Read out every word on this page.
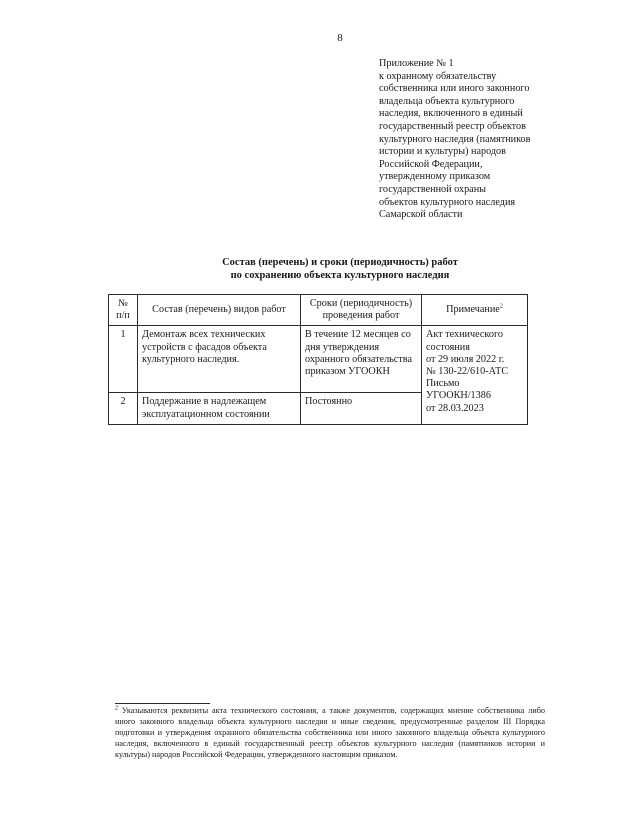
8
Приложение № 1
к охранному обязательству
собственника или иного законного
владельца объекта культурного
наследия, включенного в единый
государственный реестр объектов
культурного наследия (памятников
истории и культуры) народов
Российской Федерации,
утвержденному приказом
государственной охраны
объектов культурного наследия
Самарской области
Состав (перечень) и сроки (периодичность) работ
по сохранению объекта культурного наследия
№ п/п	Состав (перечень) видов работ	Сроки (периодичность) проведения работ	Примечание$^2$
1	Демонтаж всех технических устройств с фасадов объекта культурного наследия.	В течение 12 месяцев со дня утверждения охранного обязательства приказом УГООКН	Акт технического состояния
от 29 июля 2022 г.
№ 130-22/610-АТС
Письмо УГООКН/1386
от 28.03.2023

2	Поддержание в надлежащем эксплуатационном состоянии	Постоянно	
$^2$ Указываются реквизиты акта технического состояния, а также документов, содержащих мнение собственника либо иного законного владельца объекта культурного наследия и иные сведения, предусмотренные разделом III Порядка подготовки и утверждения охранного обязательства собственника или иного законного владельца объекта культурного наследия, включенного в единый государственный реестр объектов культурного наследия (памятников истории и культуры) народов Российской Федерации, утвержденного настоящим приказом.
